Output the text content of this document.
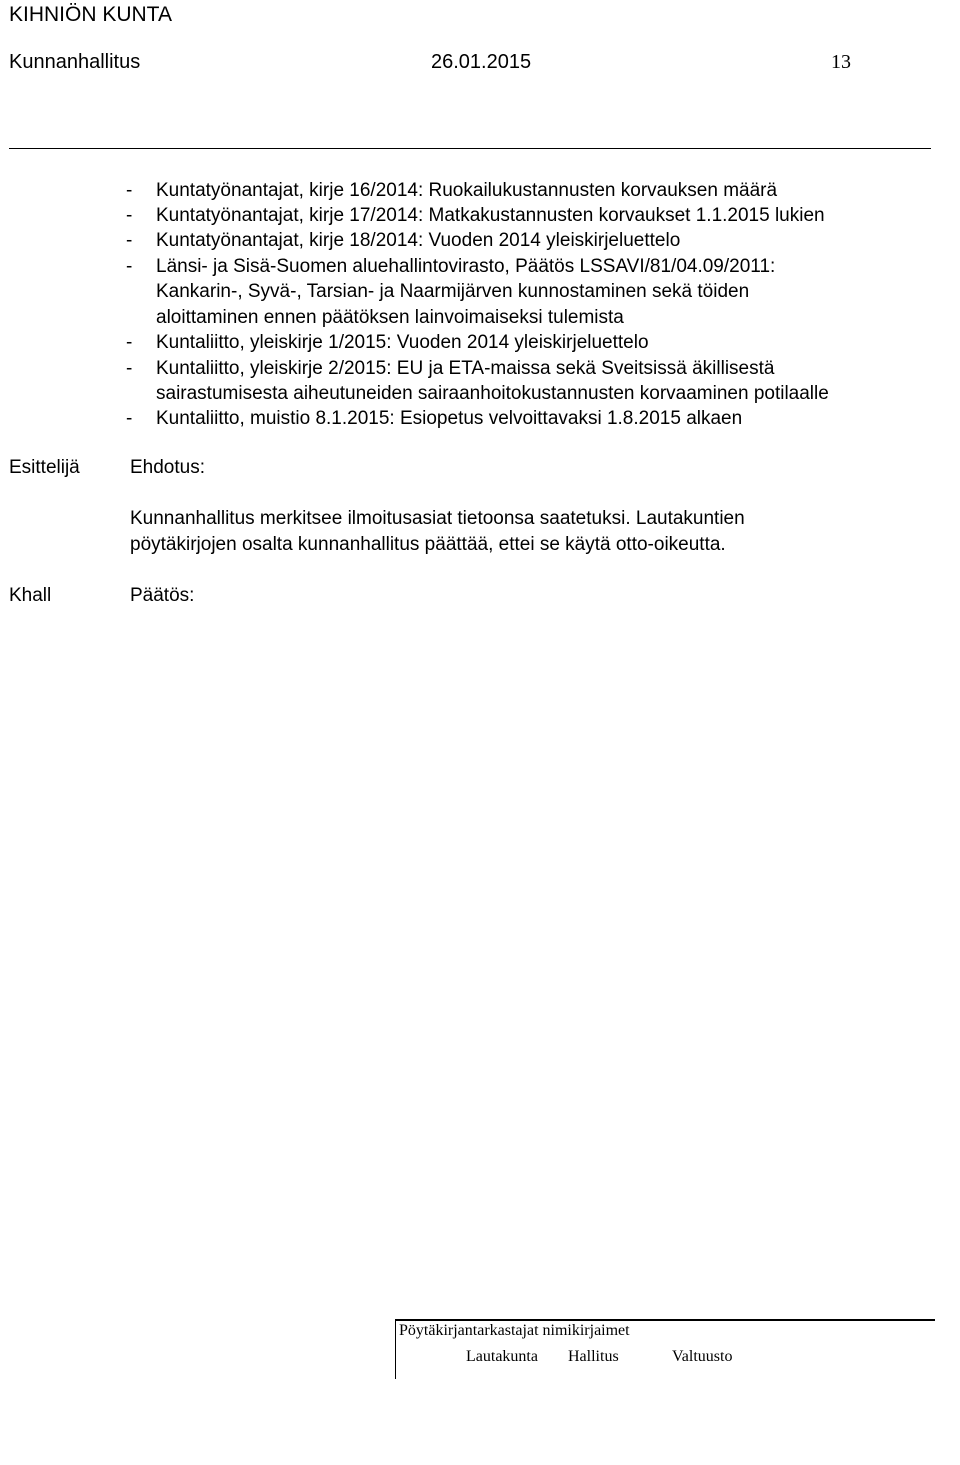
KIHNIÖN KUNTA
Kunnanhallitus	26.01.2015	13
- Kuntatyönantajat, kirje 16/2014: Ruokailukustannusten korvauksen määrä
- Kuntatyönantajat, kirje 17/2014: Matkakustannusten korvaukset 1.1.2015 lukien
- Kuntatyönantajat, kirje 18/2014: Vuoden 2014 yleiskirjeluettelo
- Länsi- ja Sisä-Suomen aluehallintovirasto, Päätös LSSAVI/81/04.09/2011:
Kankarin-, Syvä-, Tarsian- ja Naarmijärven kunnostaminen sekä töiden
aloittaminen ennen päätöksen lainvoimaiseksi tulemista
- Kuntaliitto, yleiskirje 1/2015: Vuoden 2014 yleiskirjeluettelo
- Kuntaliitto, yleiskirje 2/2015: EU ja ETA-maissa sekä Sveitsissä äkillisestä
sairastumisesta aiheutuneiden sairaanhoitokustannusten korvaaminen potilaalle
- Kuntaliitto, muistio 8.1.2015: Esiopetus velvoittavaksi 1.8.2015 alkaen
Esittelijä	Ehdotus:
Kunnanhallitus merkitsee ilmoitusasiat tietoonsa saatetuksi. Lautakuntien
pöytäkirjojen osalta kunnanhallitus päättää, ettei se käytä otto-oikeutta.
Khall	Päätös:
Pöytäkirjantarkastajat nimikirjaimet
Lautakunta Hallitus	Valtuusto
